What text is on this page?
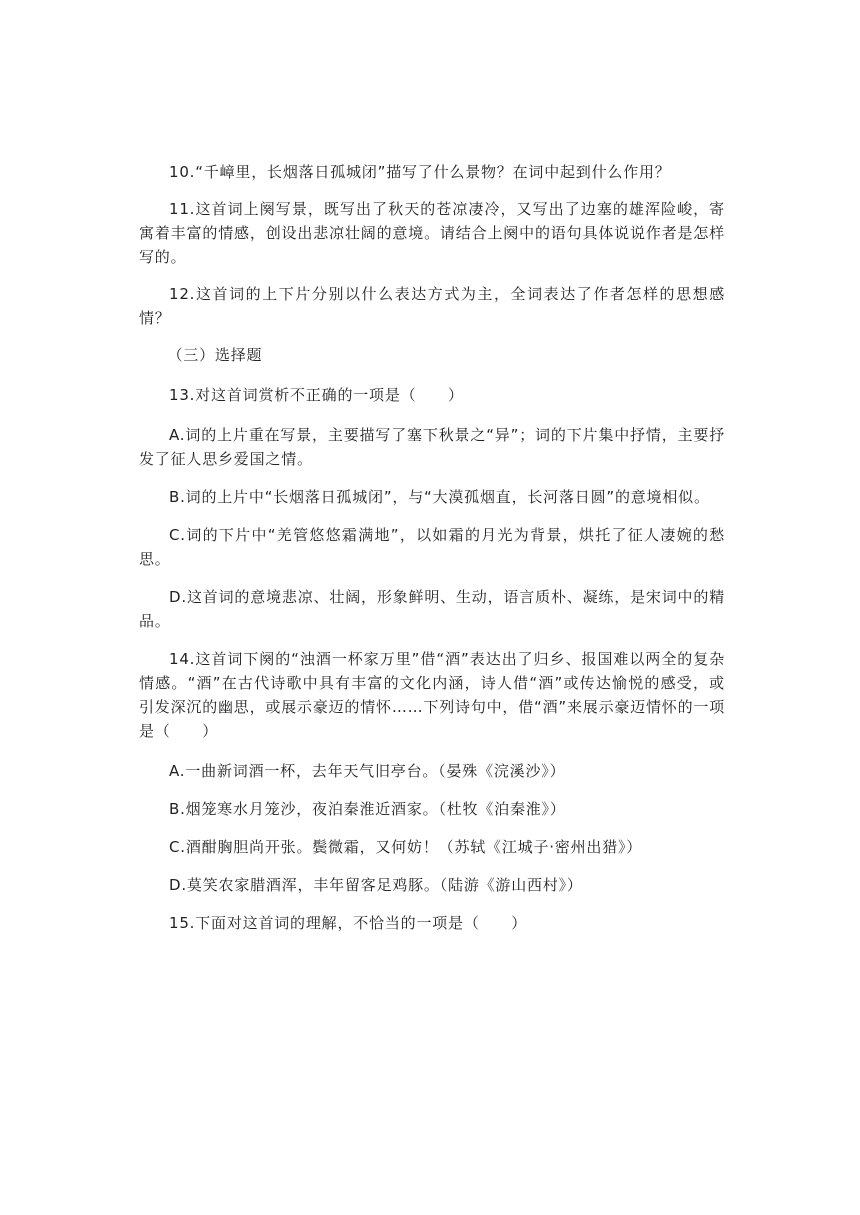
10.“千嶂里，长烟落日孤城闭”描写了什么景物？在词中起到什么作用？

11.这首词上阕写景，既写出了秋天的苍凉凄冷，又写出了边塞的雄浑险峻，寄寓着丰富的情感，创设出悲凉壮阔的意境。请结合上阕中的语句具体说说作者是怎样写的。

12.这首词的上下片分别以什么表达方式为主，全词表达了作者怎样的思想感情？

（三）选择题

13.对这首词赏析不正确的一项是（　　）

A.词的上片重在写景，主要描写了塞下秋景之“异”；词的下片集中抒情，主要抒发了征人思乡爱国之情。

B.词的上片中“长烟落日孤城闭”，与“大漠孤烟直，长河落日圆”的意境相似。

C.词的下片中“羌管悠悠霜满地”，以如霜的月光为背景，烘托了征人凄婉的愁思。

D.这首词的意境悲凉、壮阔，形象鲜明、生动，语言质朴、凝练，是宋词中的精品。

14.这首词下阕的“浊酒一杯家万里”借“酒”表达出了归乡、报国难以两全的复杂情感。“酒”在古代诗歌中具有丰富的文化内涵，诗人借“酒”或传达愉悦的感受，或引发深沉的幽思，或展示豪迈的情怀……下列诗句中，借“酒”来展示豪迈情怀的一项是（　　）

A.一曲新词酒一杯，去年天气旧亭台。（晏殊《浣溪沙》）

B.烟笼寒水月笼沙，夜泊秦淮近酒家。（杜牧《泊秦淮》）

C.酒酣胸胆尚开张。鬓微霜，又何妨！（苏轼《江城子·密州出猎》）

D.莫笑农家腊酒浑，丰年留客足鸡豚。（陆游《游山西村》）

15.下面对这首词的理解，不恰当的一项是（　　）
